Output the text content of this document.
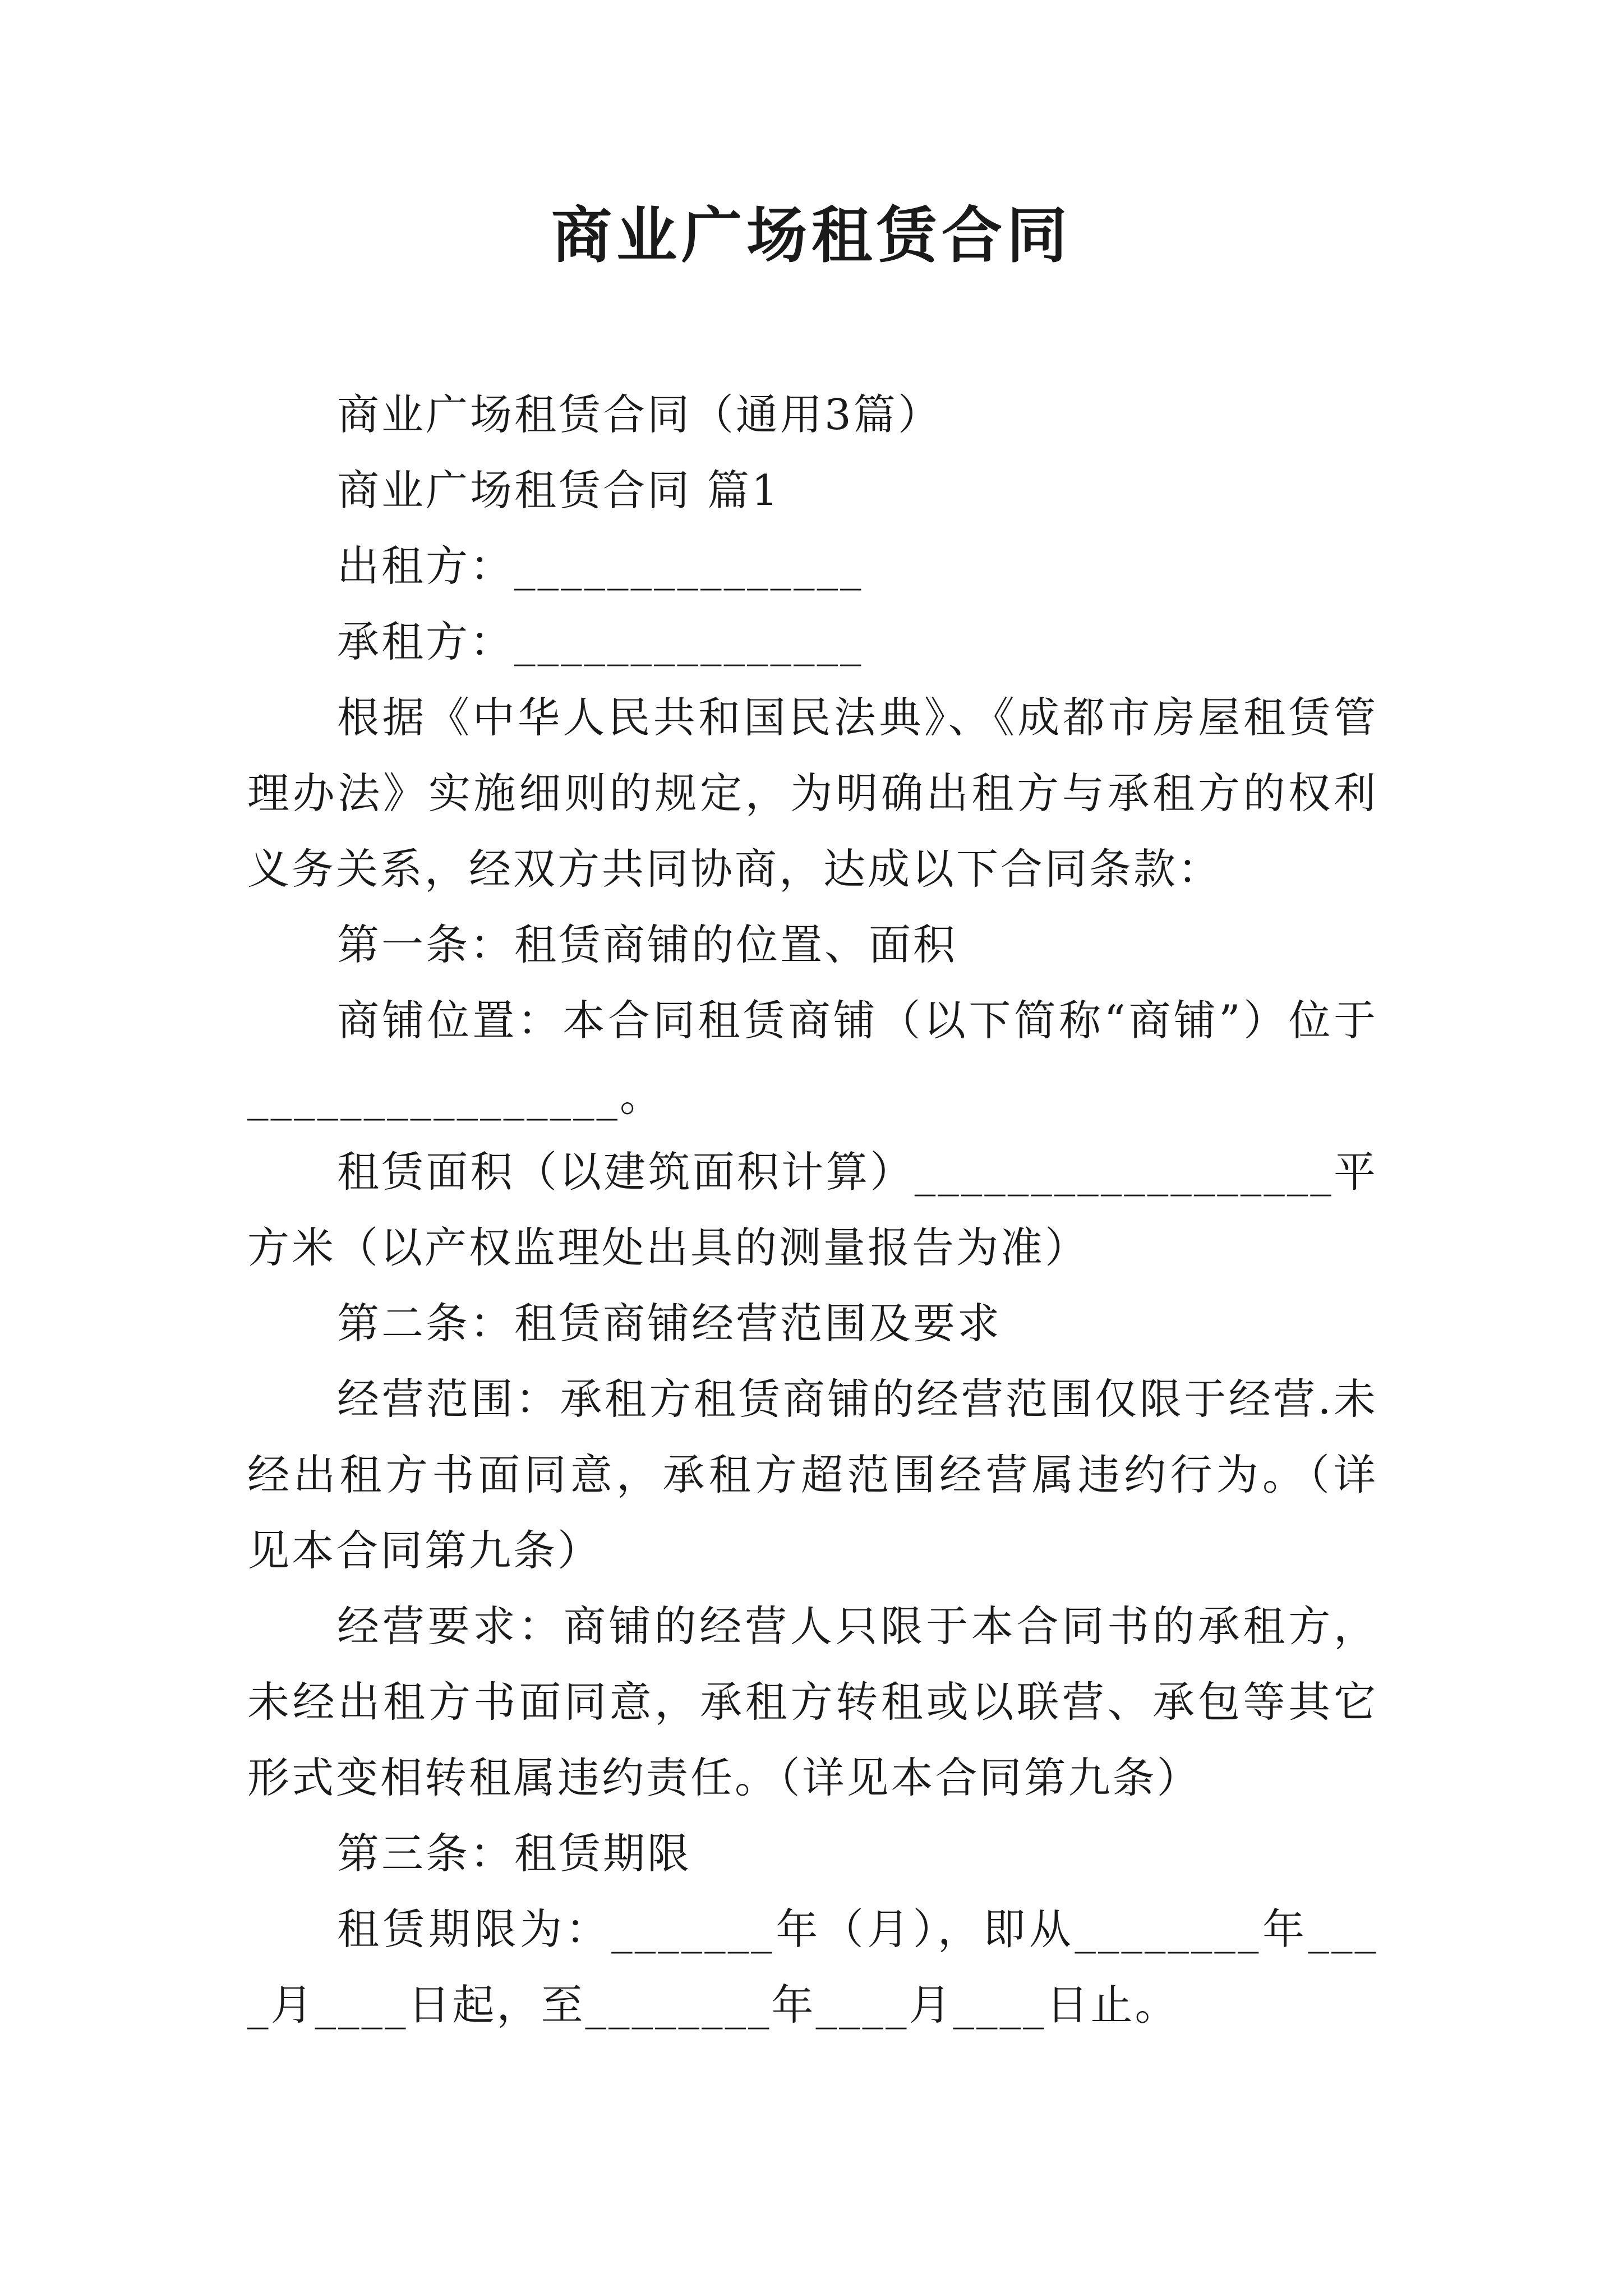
商业广场租赁合同

商业广场租赁合同（通用3篇）

商业广场租赁合同 篇1

出租方：_______________

承租方：_______________

根据《中华人民共和国民法典》、《成都市房屋租赁管理办法》实施细则的规定，为明确出租方与承租方的权利义务关系，经双方共同协商，达成以下合同条款：

第一条：租赁商铺的位置、面积

商铺位置：本合同租赁商铺（以下简称“商铺”）位于________________。

租赁面积（以建筑面积计算）__________________平方米（以产权监理处出具的测量报告为准）

第二条：租赁商铺经营范围及要求

经营范围：承租方租赁商铺的经营范围仅限于经营.未经出租方书面同意，承租方超范围经营属违约行为。（详见本合同第九条）

经营要求：商铺的经营人只限于本合同书的承租方，未经出租方书面同意，承租方转租或以联营、承包等其它形式变相转租属违约责任。（详见本合同第九条）

第三条：租赁期限

租赁期限为：_______年（月），即从________年____月____日起，至________年____月____日止。
